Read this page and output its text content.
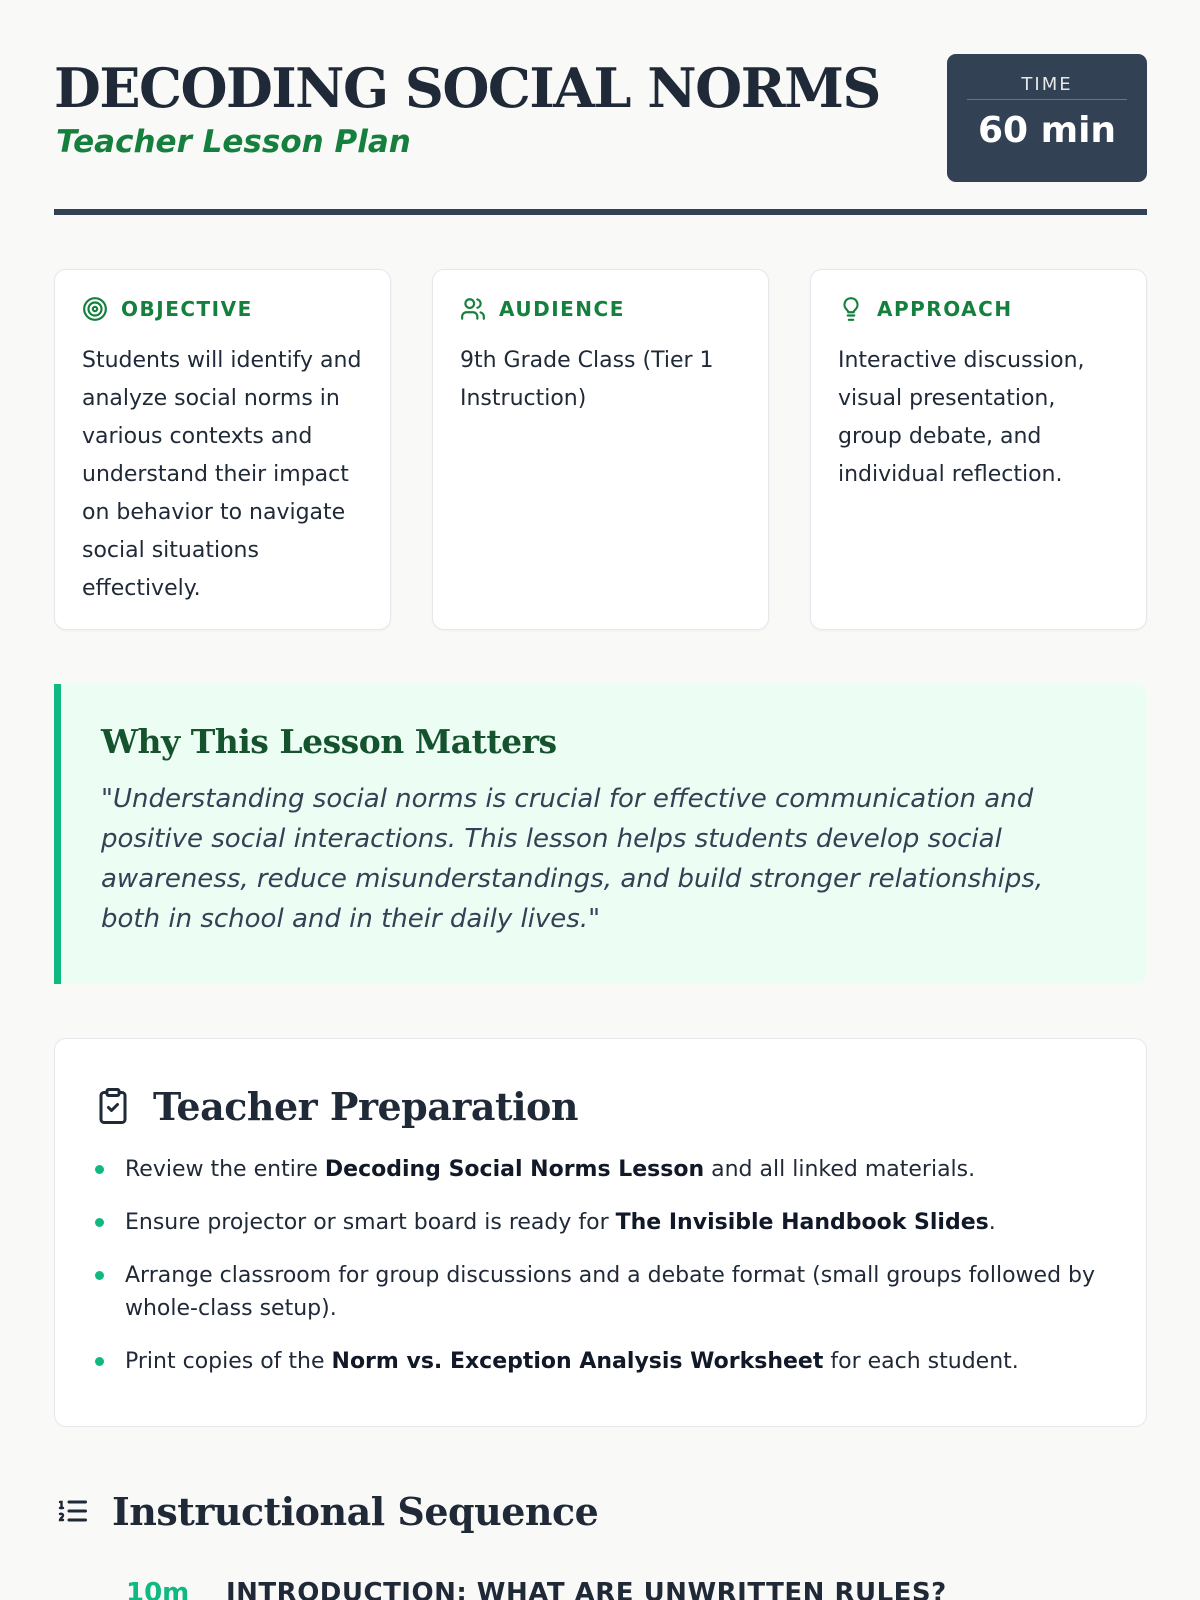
DECODING SOCIAL NORMS
Teacher Lesson Plan
TIME
60 min
OBJECTIVE
Students will identify and analyze social norms in various contexts and understand their impact on behavior to navigate social situations effectively.
AUDIENCE
9th Grade Class (Tier 1 Instruction)
APPROACH
Interactive discussion, visual presentation, group debate, and individual reflection.
Why This Lesson Matters

"Understanding social norms is crucial for effective communication and positive social interactions. This lesson helps students develop social awareness, reduce misunderstandings, and build stronger relationships, both in school and in their daily lives."

Teacher Preparation
Review the entire Decoding Social Norms Lesson and all linked materials.
Ensure projector or smart board is ready for The Invisible Handbook Slides.
Arrange classroom for group discussions and a debate format (small groups followed by whole-class setup).
Print copies of the Norm vs. Exception Analysis Worksheet for each student.
Instructional Sequence
10m	INTRODUCTION: WHAT ARE UNWRITTEN RULES?
